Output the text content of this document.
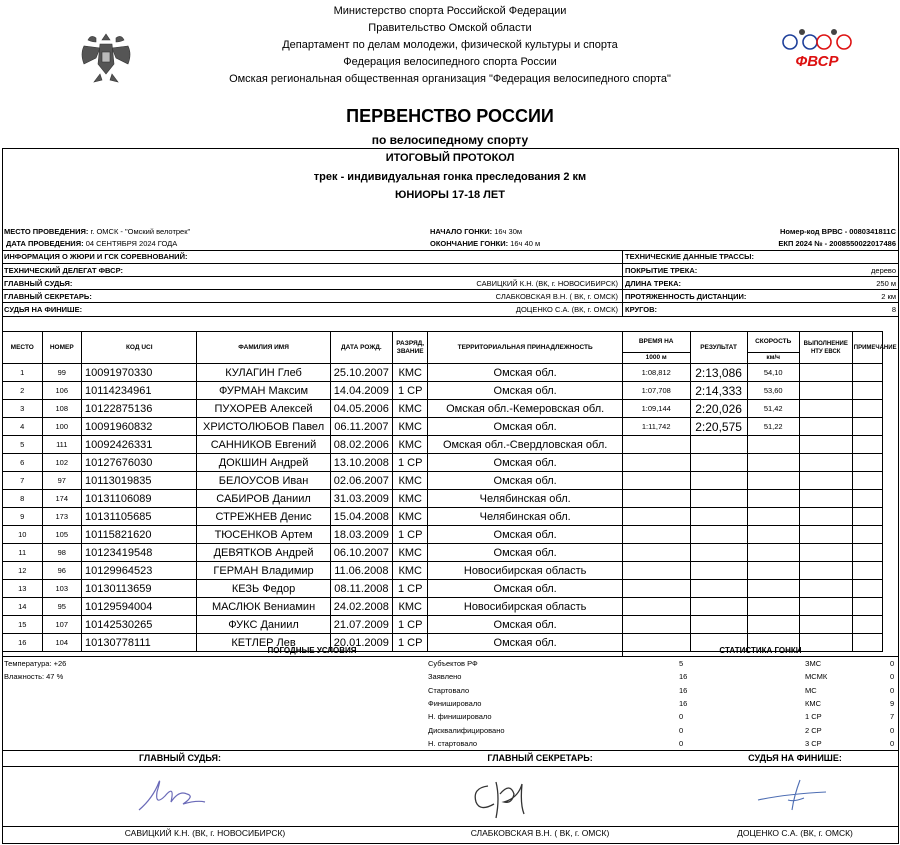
Министерство спорта Российской Федерации
Правительство Омской области
Департамент по делам молодежи, физической культуры и спорта
Федерация велосипедного спорта России
Омская региональная общественная организация "Федерация велосипедного спорта"
ФВСР
ПЕРВЕНСТВО РОССИИ
по велосипедному спорту
ИТОГОВЫЙ ПРОТОКОЛ
трек - индивидуальная гонка преследования 2 км
ЮНИОРЫ 17-18 ЛЕТ
МЕСТО ПРОВЕДЕНИЯ: г. ОМСК - "Омский велотрек"
ДАТА ПРОВЕДЕНИЯ: 04 СЕНТЯБРЯ 2024 ГОДА
НАЧАЛО ГОНКИ: 16ч 30м
ОКОНЧАНИЕ ГОНКИ: 16ч 40 м
Номер-код ВРВС - 0080341811С
ЕКП 2024 № - 2008550022017486
ИНФОРМАЦИЯ О ЖЮРИ И ГСК СОРЕВНОВАНИЙ:	ТЕХНИЧЕСКИЕ ДАННЫЕ ТРАССЫ:
ТЕХНИЧЕСКИЙ ДЕЛЕГАТ ФВСР:
ГЛАВНЫЙ СУДЬЯ:	САВИЦКИЙ К.Н. (ВК, г. НОВОСИБИРСК)
ГЛАВНЫЙ СЕКРЕТАРЬ:	СЛАБКОВСКАЯ В.Н. ( ВК, г. ОМСК)
СУДЬЯ НА ФИНИШЕ:	ДОЦЕНКО С.А. (ВК, г. ОМСК)
ПОКРЫТИЕ ТРЕКА:	дерево
ДЛИНА ТРЕКА:	250 м
ПРОТЯЖЕННОСТЬ ДИСТАНЦИИ:	2 км
КРУГОВ:	8
МЕСТО	НОМЕР	КОД UCI	ФАМИЛИЯ ИМЯ	ДАТА РОЖД.	РАЗРЯД, ЗВАНИЕ	ТЕРРИТОРИАЛЬНАЯ ПРИНАДЛЕЖНОСТЬ	ВРЕМЯ НА	РЕЗУЛЬТАТ	СКОРОСТЬ	ВЫПОЛНЕНИЕ НТУ ЕВСК	ПРИМЕЧАНИЕ
							1000 м		км/ч		
1	99	10091970330	КУЛАГИН Глеб	25.10.2007	КМС	Омская обл.	1:08,812	2:13,086	54,10		
2	106	10114234961	ФУРМАН Максим	14.04.2009	1 СР	Омская обл.	1:07,708	2:14,333	53,60		
3	108	10122875136	ПУХОРЕВ Алексей	04.05.2006	КМС	Омская обл.-Кемеровская обл.	1:09,144	2:20,026	51,42		
4	100	10091960832	ХРИСТОЛЮБОВ Павел	06.11.2007	КМС	Омская обл.	1:11,742	2:20,575	51,22		
5	111	10092426331	САННИКОВ Евгений	08.02.2006	КМС	Омская обл.-Свердловская обл.					
6	102	10127676030	ДОКШИН Андрей	13.10.2008	1 СР	Омская обл.					
7	97	10113019835	БЕЛОУСОВ Иван	02.06.2007	КМС	Омская обл.					
8	174	10131106089	САБИРОВ Даниил	31.03.2009	КМС	Челябинская обл.					
9	173	10131105685	СТРЕЖНЕВ Денис	15.04.2008	КМС	Челябинская обл.					
10	105	10115821620	ТЮСЕНКОВ Артем	18.03.2009	1 СР	Омская обл.					
11	98	10123419548	ДЕВЯТКОВ Андрей	06.10.2007	КМС	Омская обл.					
12	96	10129964523	ГЕРМАН Владимир	11.06.2008	КМС	Новосибирская область					
13	103	10130113659	КЕЗЬ Федор	08.11.2008	1 СР	Омская обл.					
14	95	10129594004	МАСЛЮК Вениамин	24.02.2008	КМС	Новосибирская область					
15	107	10142530265	ФУКС Даниил	21.07.2009	1 СР	Омская обл.					
16	104	10130778111	КЕТЛЕР Лев	20.01.2009	1 СР	Омская обл.					
ПОГОДНЫЕ УСЛОВИЯ	СТАТИСТИКА ГОНКИ
Температура: +26
Влажность: 47 %
Субъектов РФ	5
Заявлено	16
Стартовало	16
Финишировало	16
Н. финишировало	0
Дисквалифицировано	0
Н. стартовало	0
ЗМС	0
МСМК	0
МС	0
КМС	9
1 СР	7
2 СР	0
3 СР	0
ГЛАВНЫЙ СУДЬЯ:	ГЛАВНЫЙ СЕКРЕТАРЬ:	СУДЬЯ НА ФИНИШЕ:
САВИЦКИЙ К.Н. (ВК, г. НОВОСИБИРСК)	СЛАБКОВСКАЯ В.Н. ( ВК, г. ОМСК)	ДОЦЕНКО С.А. (ВК, г. ОМСК)
